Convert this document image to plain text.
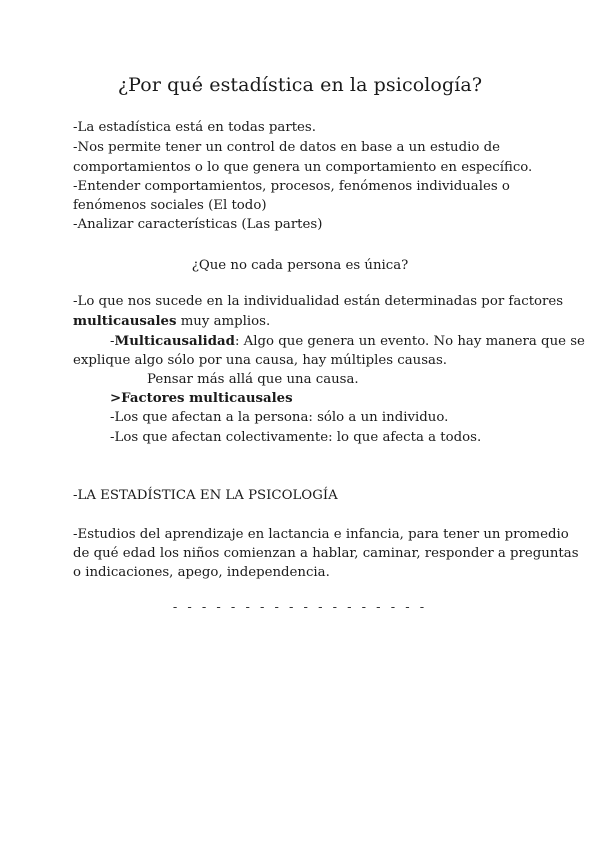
¿Por qué estadística en la psicología?
-La estadística está en todas partes.
-Nos permite tener un control de datos en base a un estudio de
comportamientos o lo que genera un comportamiento en específico.
-Entender comportamientos, procesos, fenómenos individuales o
fenómenos sociales (El todo)
-Analizar características (Las partes)
¿Que no cada persona es única?
-Lo que nos sucede en la individualidad están determinadas por factores
multicausales muy amplios.
-Multicausalidad: Algo que genera un evento. No hay manera que se
explique algo sólo por una causa, hay múltiples causas.
Pensar más allá que una causa.
>Factores multicausales
-Los que afectan a la persona: sólo a un individuo.
-Los que afectan colectivamente: lo que afecta a todos.
-LA ESTADÍSTICA EN LA PSICOLOGÍA
-Estudios del aprendizaje en lactancia e infancia, para tener un promedio
de qué edad los niños comienzan a hablar, caminar, responder a preguntas
o indicaciones, apego, independencia.
- - - - - - - - - - - - - - - - - -
